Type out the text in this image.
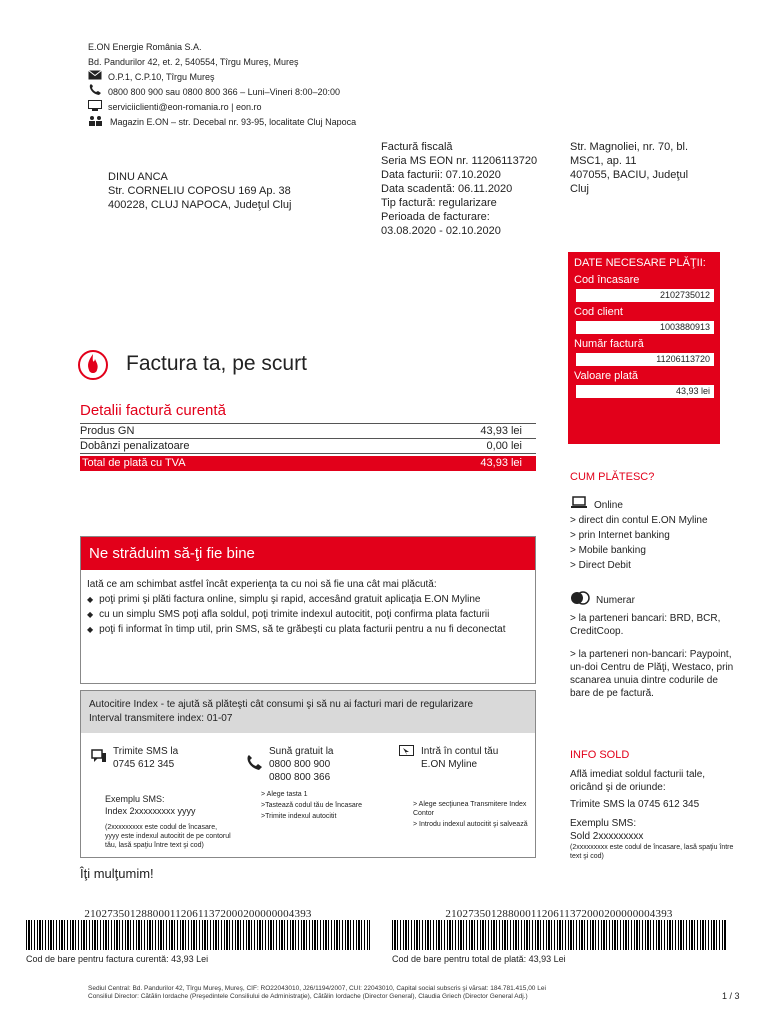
E.ON Energie România S.A.
Bd. Pandurilor 42, et. 2, 540554, Tîrgu Mureş, Mureş
O.P.1, C.P.10, Tîrgu Mureş
0800 800 900 sau 0800 800 366 – Luni–Vineri 8:00–20:00
serviciiclienti@eon-romania.ro | eon.ro
Magazin E.ON – str. Decebal nr. 93-95, localitate Cluj Napoca
DINU ANCA
Str. CORNELIU COPOSU 169 Ap. 38
400228, CLUJ NAPOCA, Judeţul Cluj
Factură fiscală
Seria MS EON nr. 11206113720
Data facturii: 07.10.2020
Data scadentă: 06.11.2020
Tip factură: regularizare
Perioada de facturare:
03.08.2020 - 02.10.2020
Str. Magnoliei, nr. 70, bl.
MSC1, ap. 11
407055, BACIU, Judeţul
Cluj
DATE NECESARE PLĂŢII:
Cod încasare
2102735012
Cod client
1003880913
Număr factură
11206113720
Valoare plată
43,93 lei
Factura ta, pe scurt
Detalii factură curentă
Produs GN	43,93 lei
Dobânzi penalizatoare	0,00 lei
Total de plată cu TVA	43,93 lei
Ne străduim să-ţi fie bine
Iată ce am schimbat astfel încât experienţa ta cu noi să fie una cât mai plăcută:
◆ poţi primi şi plăti factura online, simplu şi rapid, accesând gratuit aplicaţia E.ON Myline
◆ cu un simplu SMS poţi afla soldul, poţi trimite indexul autocitit, poţi confirma plata facturii
◆ poţi fi informat în timp util, prin SMS, să te grăbeşti cu plata facturii pentru a nu fi deconectat
Autocitire Index - te ajută să plăteşti cât consumi şi să nu ai facturi mari de regularizare
Interval transmitere index: 01-07
Trimite SMS la
0745 612 345
Exemplu SMS:
Index 2xxxxxxxxx yyyy
(2xxxxxxxxx este codul de încasare, yyyy este indexul autocitit de pe contorul tău, lasă spaţiu între text şi cod)
Sună gratuit la
0800 800 900
0800 800 366
> Alege tasta 1
>Tastează codul tău de încasare
>Trimite indexul autocitit
Intră în contul tău
E.ON Myline
> Alege secţiunea Transmitere Index Contor
> Introdu indexul autocitit şi salvează
Îţi mulţumim!
CUM PLĂTESC?
Online
> direct din contul E.ON Myline
> prin Internet banking
> Mobile banking
> Direct Debit
Numerar
> la parteneri bancari: BRD, BCR, CreditCoop.
> la parteneri non-bancari: Paypoint, un-doi Centru de Plăţi, Westaco, prin scanarea unuia dintre codurile de bare de pe factură.
INFO SOLD
Află imediat soldul facturii tale, oricând şi de oriunde:
Trimite SMS la 0745 612 345
Exemplu SMS:
Sold 2xxxxxxxxx
(2xxxxxxxxx este codul de încasare, lasă spaţiu între text şi cod)
2102735012880001120611372000200000004393
Cod de bare pentru factura curentă: 43,93 Lei
2102735012880001120611372000200000004393
Cod de bare pentru total de plată: 43,93 Lei
Sediul Central: Bd. Pandurilor 42, Tîrgu Mureş, Mureş, CIF: RO22043010, J26/1194/2007, CUI: 22043010, Capital social subscris şi vărsat: 184.781.415,00 Lei
Consiliul Director: Cătălin Iordache (Preşedintele Consiliului de Administraţie), Cătălin Iordache (Director General), Claudia Griech (Director General Adj.)	1 / 3
